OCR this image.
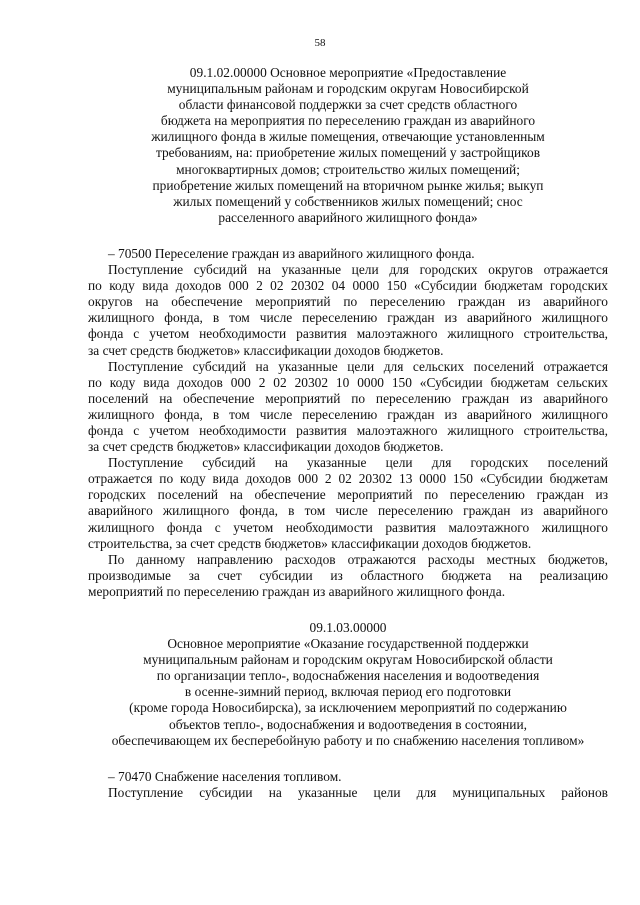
58
09.1.02.00000 Основное мероприятие «Предоставление
муниципальным районам и городским округам Новосибирской
области финансовой поддержки за счет средств областного
бюджета на мероприятия по переселению граждан из аварийного
жилищного фонда в жилые помещения, отвечающие установленным
требованиям, на: приобретение жилых помещений у застройщиков
многоквартирных домов; строительство жилых помещений;
приобретение жилых помещений на вторичном рынке жилья; выкуп
жилых помещений у собственников жилых помещений; снос
расселенного аварийного жилищного фонда»

– 70500 Переселение граждан из аварийного жилищного фонда.

Поступление субсидий на указанные цели для городских округов отражается
по коду вида доходов 000 2 02 20302 04 0000 150 «Субсидии бюджетам городских
округов на обеспечение мероприятий по переселению граждан из аварийного
жилищного фонда, в том числе переселению граждан из аварийного жилищного
фонда с учетом необходимости развития малоэтажного жилищного строительства,
за счет средств бюджетов» классификации доходов бюджетов.

Поступление субсидий на указанные цели для сельских поселений отражается
по коду вида доходов 000 2 02 20302 10 0000 150 «Субсидии бюджетам сельских
поселений на обеспечение мероприятий по переселению граждан из аварийного
жилищного фонда, в том числе переселению граждан из аварийного жилищного
фонда с учетом необходимости развития малоэтажного жилищного строительства,
за счет средств бюджетов» классификации доходов бюджетов.

Поступление субсидий на указанные цели для городских поселений
отражается по коду вида доходов 000 2 02 20302 13 0000 150 «Субсидии бюджетам
городских поселений на обеспечение мероприятий по переселению граждан из
аварийного жилищного фонда, в том числе переселению граждан из аварийного
жилищного фонда с учетом необходимости развития малоэтажного жилищного
строительства, за счет средств бюджетов» классификации доходов бюджетов.

По данному направлению расходов отражаются расходы местных бюджетов,
производимые за счет субсидии из областного бюджета на реализацию
мероприятий по переселению граждан из аварийного жилищного фонда.

09.1.03.00000
Основное мероприятие «Оказание государственной поддержки
муниципальным районам и городским округам Новосибирской области
по организации тепло-, водоснабжения населения и водоотведения
в осенне-зимний период, включая период его подготовки
(кроме города Новосибирска), за исключением мероприятий по содержанию
объектов тепло-, водоснабжения и водоотведения в состоянии,
обеспечивающем их бесперебойную работу и по снабжению населения топливом»

– 70470 Снабжение населения топливом.

Поступление субсидии на указанные цели для муниципальных районов
